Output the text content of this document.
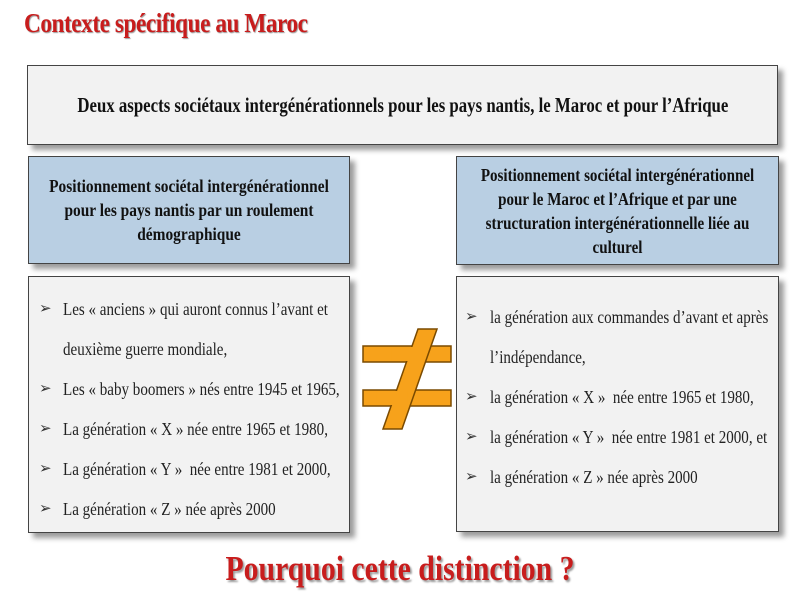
Contexte spécifique au Maroc
Deux aspects sociétaux intergénérationnels pour les pays nantis, le Maroc et pour l’Afrique
Positionnement sociétal intergénérationnel pour les pays nantis par un roulement démographique
Positionnement sociétal intergénérationnel pour le Maroc et l’Afrique et par une structuration intergénérationnelle liée au culturel
➢ Les « anciens » qui auront connus l’avant et
deuxième guerre mondiale,
➢ Les « baby boomers » nés entre 1945 et 1965,
➢ La génération « X » née entre 1965 et 1980,
➢ La génération « Y »  née entre 1981 et 2000,
➢ La génération « Z » née après 2000
➢ la génération aux commandes d’avant et après
l’indépendance,
➢ la génération « X »  née entre 1965 et 1980,
➢ la génération « Y »  née entre 1981 et 2000, et
➢ la génération « Z » née après 2000
Pourquoi cette distinction ?
